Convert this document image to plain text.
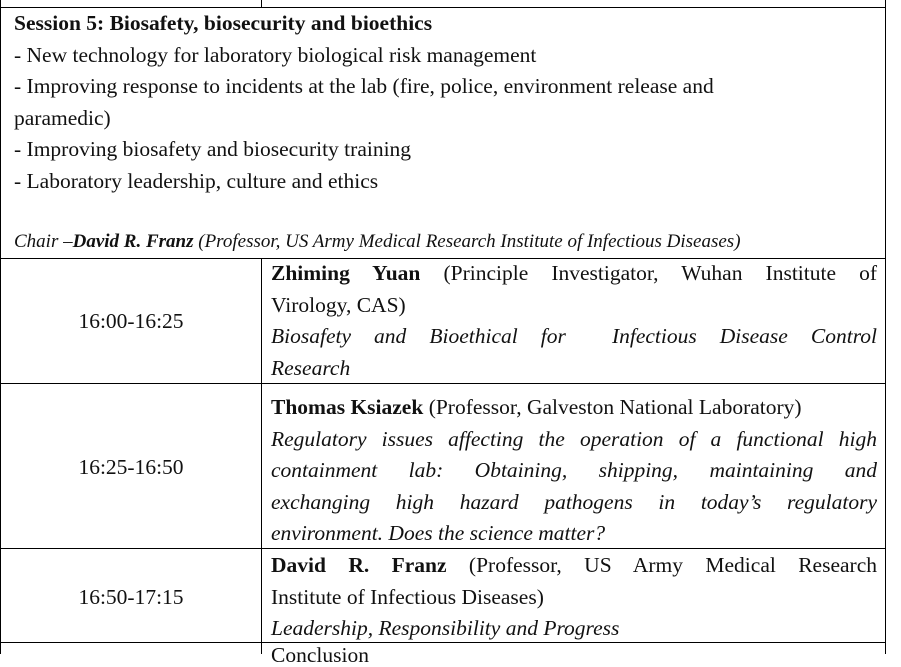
Session 5: Biosafety, biosecurity and bioethics
- New technology for laboratory biological risk management
- Improving response to incidents at the lab (fire, police, environment release and
paramedic)
- Improving biosafety and biosecurity training
- Laboratory leadership, culture and ethics
Chair –David R. Franz (Professor, US Army Medical Research Institute of Infectious Diseases)
16:00-16:25
Zhiming Yuan (Principle Investigator, Wuhan Institute of
Virology, CAS)
Biosafety and Bioethical for  Infectious Disease Control
Research
16:25-16:50
Thomas Ksiazek (Professor, Galveston National Laboratory)
Regulatory issues affecting the operation of a functional high
containment lab: Obtaining, shipping, maintaining and
exchanging high hazard pathogens in today’s regulatory
environment. Does the science matter?
16:50-17:15
David R. Franz (Professor, US Army Medical Research
Institute of Infectious Diseases)
Leadership, Responsibility and Progress
Conclusion
